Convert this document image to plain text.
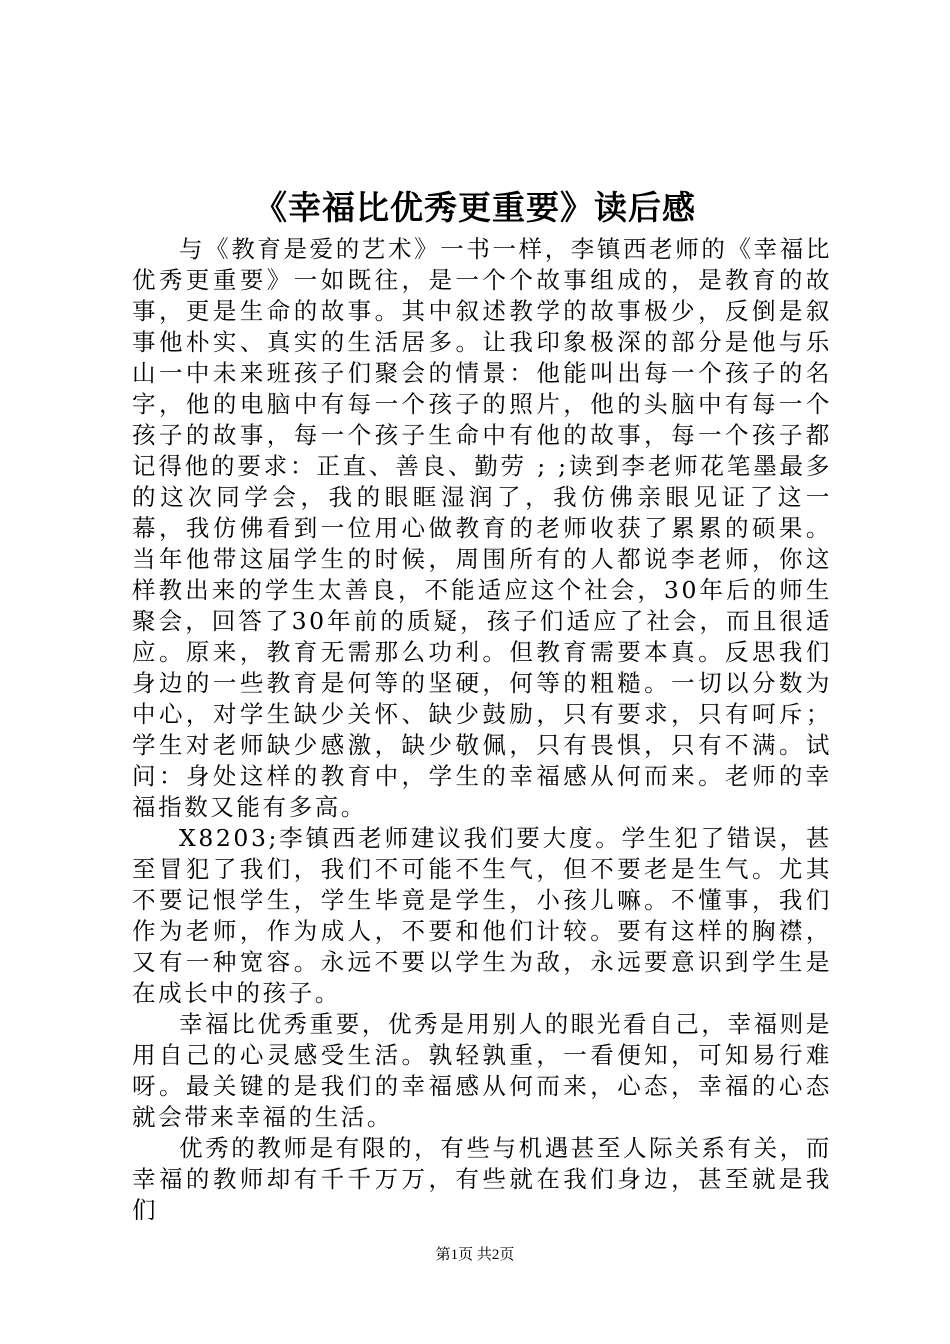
《幸福比优秀更重要》读后感

与《教育是爱的艺术》一书一样，李镇西老师的《幸福比优秀更重要》一如既往，是一个个故事组成的，是教育的故事，更是生命的故事。其中叙述教学的故事极少，反倒是叙事他朴实、真实的生活居多。让我印象极深的部分是他与乐山一中未来班孩子们聚会的情景：他能叫出每一个孩子的名字，他的电脑中有每一个孩子的照片，他的头脑中有每一个孩子的故事，每一个孩子生命中有他的故事，每一个孩子都记得他的要求：正直、善良、勤劳 ; ;读到李老师花笔墨最多的这次同学会，我的眼眶湿润了，我仿佛亲眼见证了这一幕，我仿佛看到一位用心做教育的老师收获了累累的硕果。当年他带这届学生的时候，周围所有的人都说李老师，你这样教出来的学生太善良，不能适应这个社会，30年后的师生聚会，回答了30年前的质疑，孩子们适应了社会，而且很适应。原来，教育无需那么功利。但教育需要本真。反思我们身边的一些教育是何等的坚硬，何等的粗糙。一切以分数为中心，对学生缺少关怀、缺少鼓励，只有要求，只有呵斥；学生对老师缺少感激，缺少敬佩，只有畏惧，只有不满。试问：身处这样的教育中，学生的幸福感从何而来。老师的幸福指数又能有多高。

X8203;李镇西老师建议我们要大度。学生犯了错误，甚至冒犯了我们，我们不可能不生气，但不要老是生气。尤其不要记恨学生，学生毕竟是学生，小孩儿嘛。不懂事，我们作为老师，作为成人，不要和他们计较。要有这样的胸襟，又有一种宽容。永远不要以学生为敌，永远要意识到学生是在成长中的孩子。

幸福比优秀重要，优秀是用别人的眼光看自己，幸福则是用自己的心灵感受生活。孰轻孰重，一看便知，可知易行难呀。最关键的是我们的幸福感从何而来，心态，幸福的心态就会带来幸福的生活。

优秀的教师是有限的，有些与机遇甚至人际关系有关，而幸福的教师却有千千万万，有些就在我们身边，甚至就是我们

第1页 共2页
